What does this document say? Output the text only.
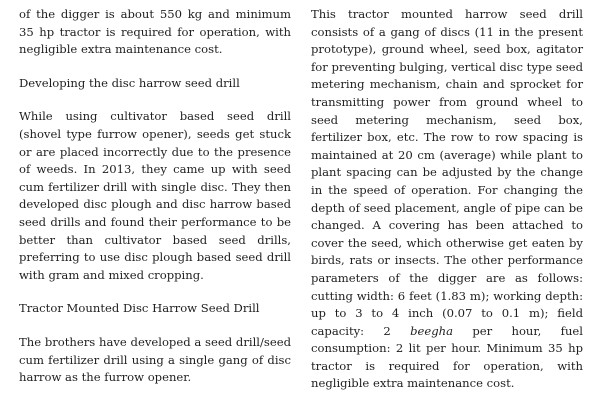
of the digger is about 550 kg and minimum 35 hp tractor is required for operation, with negligible extra maintenance cost.

Developing the disc harrow seed drill

While using cultivator based seed drill (shovel type furrow opener), seeds get stuck or are placed incorrectly due to the presence of weeds. In 2013, they came up with seed cum fertilizer drill with single disc. They then developed disc plough and disc harrow based seed drills and found their performance to be better than cultivator based seed drills, preferring to use disc plough based seed drill with gram and mixed cropping.

Tractor Mounted Disc Harrow Seed Drill

The brothers have developed a seed drill/seed cum fertilizer drill using a single gang of disc harrow as the furrow opener.

This tractor mounted harrow seed drill consists of a gang of discs (11 in the present prototype), ground wheel, seed box, agitator for preventing bulging, vertical disc type seed metering mechanism, chain and sprocket for transmitting power from ground wheel to seed metering mechanism, seed box, fertilizer box, etc. The row to row spacing is maintained at 20 cm (average) while plant to plant spacing can be adjusted by the change in the speed of operation. For changing the depth of seed placement, angle of pipe can be changed. A covering has been attached to cover the seed, which otherwise get eaten by birds, rats or insects. The other performance parameters of the digger are as follows: cutting width: 6 feet (1.83 m); working depth: up to 3 to 4 inch (0.07 to 0.1 m); field capacity: 2 beegha per hour, fuel consumption: 2 lit per hour. Minimum 35 hp tractor is required for operation, with negligible extra maintenance cost.
